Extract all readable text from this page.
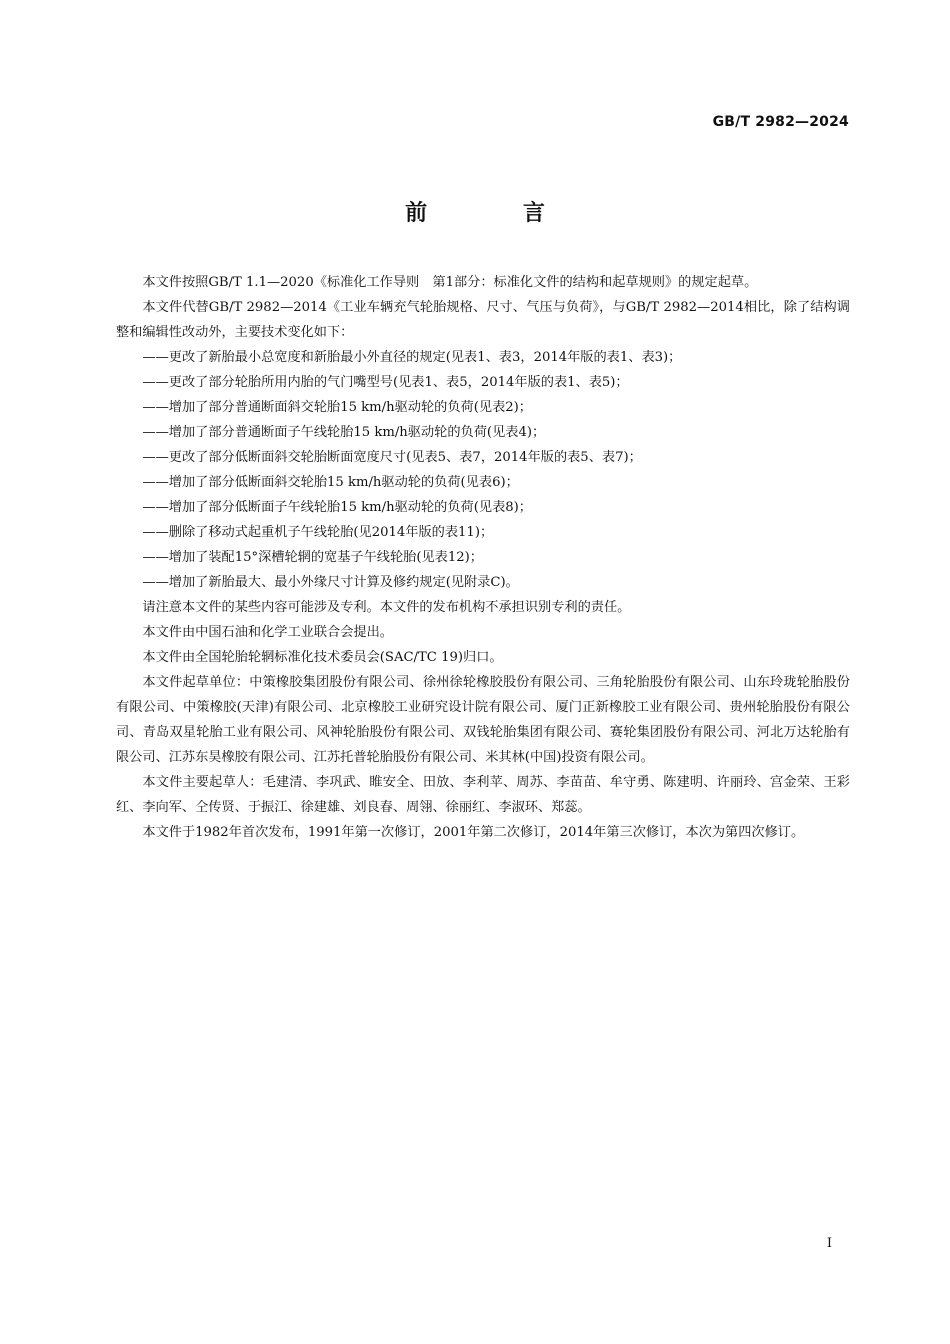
GB/T 2982—2024
前 言

本文件按照GB/T 1.1—2020《标准化工作导则　第1部分：标准化文件的结构和起草规则》的规定起草。

本文件代替GB/T 2982—2014《工业车辆充气轮胎规格、尺寸、气压与负荷》，与GB/T 2982—2014相比，除了结构调整和编辑性改动外，主要技术变化如下：

——更改了新胎最小总宽度和新胎最小外直径的规定(见表1、表3，2014年版的表1、表3)；

——更改了部分轮胎所用内胎的气门嘴型号(见表1、表5，2014年版的表1、表5)；

——增加了部分普通断面斜交轮胎15 km/h驱动轮的负荷(见表2)；

——增加了部分普通断面子午线轮胎15 km/h驱动轮的负荷(见表4)；

——更改了部分低断面斜交轮胎断面宽度尺寸(见表5、表7，2014年版的表5、表7)；

——增加了部分低断面斜交轮胎15 km/h驱动轮的负荷(见表6)；

——增加了部分低断面子午线轮胎15 km/h驱动轮的负荷(见表8)；

——删除了移动式起重机子午线轮胎(见2014年版的表11)；

——增加了装配15°深槽轮辋的宽基子午线轮胎(见表12)；

——增加了新胎最大、最小外缘尺寸计算及修约规定(见附录C)。

请注意本文件的某些内容可能涉及专利。本文件的发布机构不承担识别专利的责任。

本文件由中国石油和化学工业联合会提出。

本文件由全国轮胎轮辋标准化技术委员会(SAC/TC 19)归口。

本文件起草单位：中策橡胶集团股份有限公司、徐州徐轮橡胶股份有限公司、三角轮胎股份有限公司、山东玲珑轮胎股份有限公司、中策橡胶(天津)有限公司、北京橡胶工业研究设计院有限公司、厦门正新橡胶工业有限公司、贵州轮胎股份有限公司、青岛双星轮胎工业有限公司、风神轮胎股份有限公司、双钱轮胎集团有限公司、赛轮集团股份有限公司、河北万达轮胎有限公司、江苏东昊橡胶有限公司、江苏托普轮胎股份有限公司、米其林(中国)投资有限公司。

本文件主要起草人：毛建清、李巩武、睢安全、田放、李利苹、周苏、李苗苗、牟守勇、陈建明、许丽玲、宫金荣、王彩红、李向军、仝传贤、于振江、徐建雄、刘良春、周翎、徐丽红、李淑环、郑蕊。

本文件于1982年首次发布，1991年第一次修订，2001年第二次修订，2014年第三次修订，本次为第四次修订。

Ⅰ
